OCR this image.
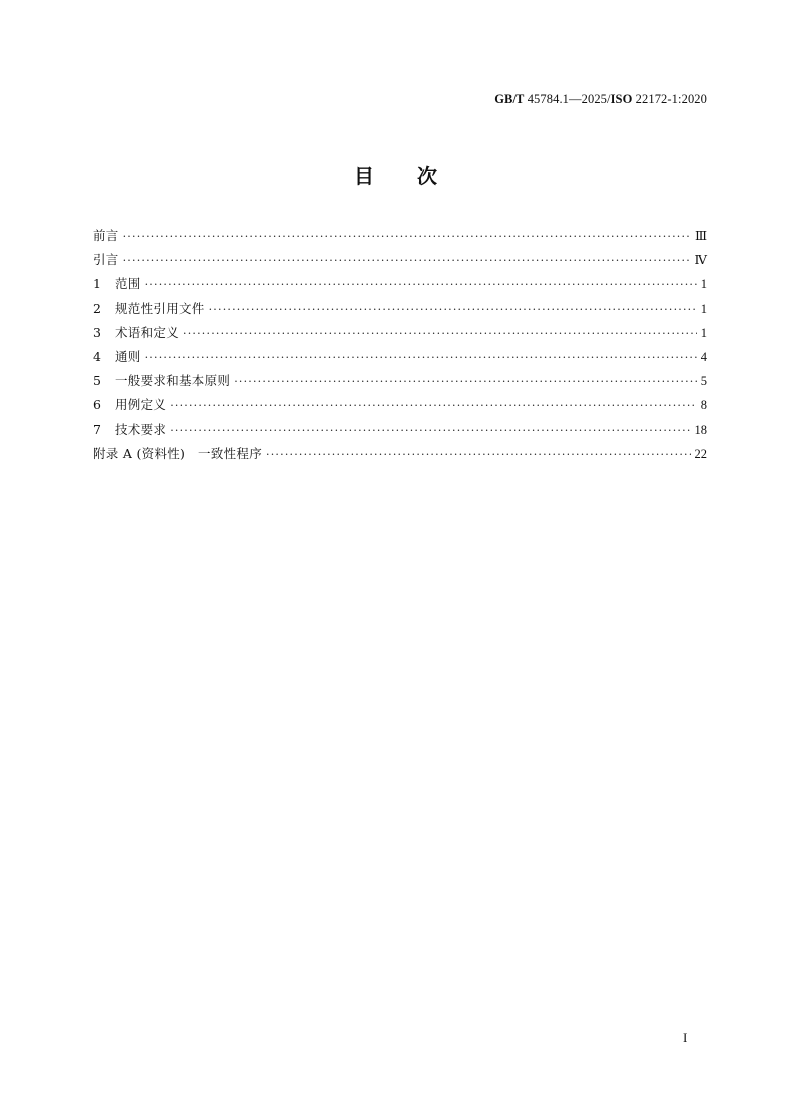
GB/T 45784.1—2025/ISO 22172-1:2020
目 次
前言 ·····	Ⅲ
引言 ·····	Ⅳ
1	范围 ·····	1
2	规范性引用文件 ·····	1
3	术语和定义 ·····	1
4	通则 ·····	4
5	一般要求和基本原则 ·····	5
6	用例定义 ·····	8
7	技术要求 ·····	18
附录 A (资料性)　一致性程序 ·····	22
I
